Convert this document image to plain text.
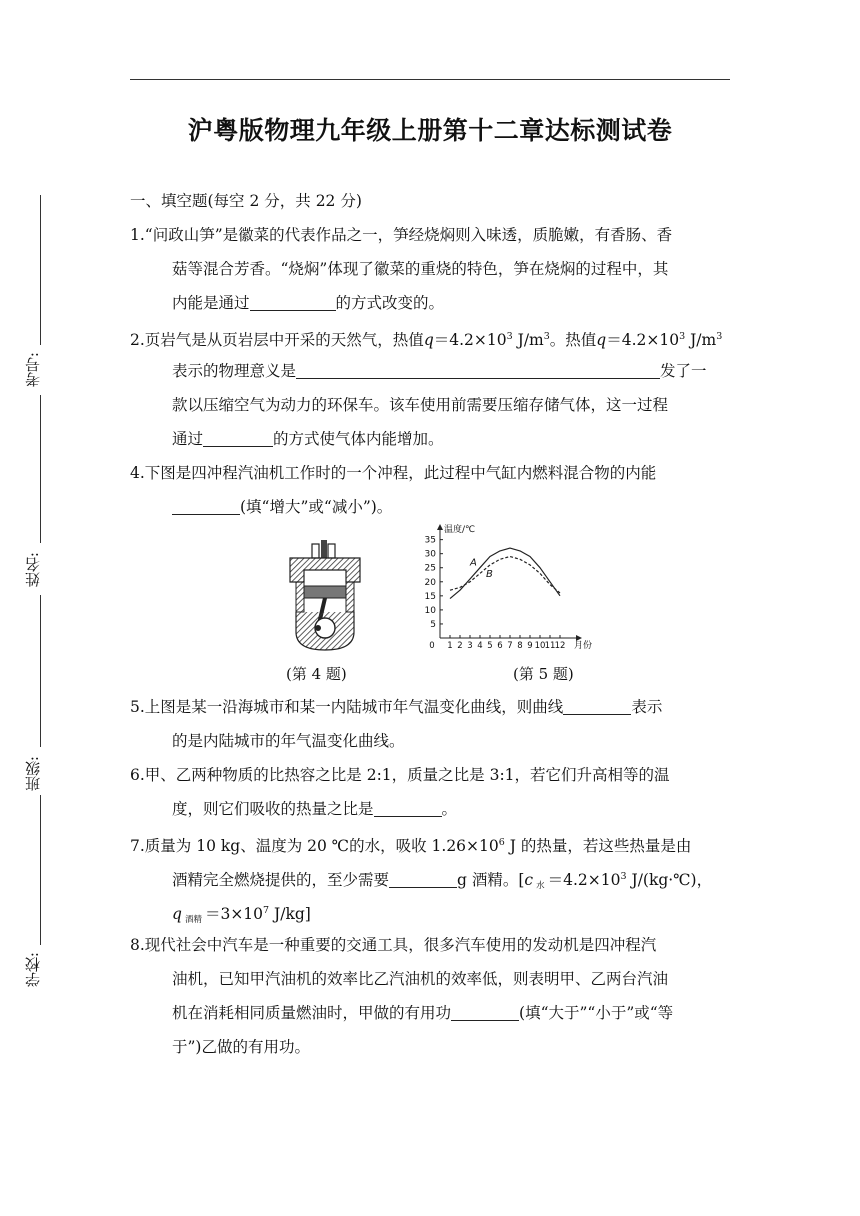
沪粤版物理九年级上册第十二章达标测试卷
考号:
姓名:
班级:
学校:
一、填空题(每空 2 分，共 22 分)
1.“问政山笋”是徽菜的代表作品之一，笋经烧焖则入味透，质脆嫩，有香肠、香
菇等混合芳香。“烧焖”体现了徽菜的重烧的特色，笋在烧焖的过程中，其
内能是通过	的方式改变的。
2.页岩气是从页岩层中开采的天然气，热值$q=4.2\times 10^3$ $J/m^3$。热值$q=4.2\times 10^3$ $J/m^3$
表示的物理意义是	发了一
款以压缩空气为动力的环保车。该车使用前需要压缩存储气体，这一过程
通过	的方式使气体内能增加。
4.下图是四冲程汽油机工作时的一个冲程，此过程中气缸内燃料混合物的内能
(填“增大”或“减小”)。
温度/℃
5
10
15
20
25
30
35
0 1 2 3 4 5 6 7 8 9 10 11 12 月份
A
B
(第 4 题)	(第 5 题)
5.上图是某一沿海城市和某一内陆城市年气温变化曲线，则曲线	表示
的是内陆城市的年气温变化曲线。
6.甲、乙两种物质的比热容之比是 2:1，质量之比是 3:1，若它们升高相等的温
度，则它们吸收的热量之比是	。
7.质量为 10 kg、温度为 20 ℃的水，吸收 $1.26\times 10^6$ J 的热量，若这些热量是由
酒精完全燃烧提供的，至少需要	g 酒精。[c $_水 =4.2\times 10^3$ J/(kg·℃)，
q $_{酒精} =3\times 10^7$ J/kg]
8.现代社会中汽车是一种重要的交通工具，很多汽车使用的发动机是四冲程汽
油机，已知甲汽油机的效率比乙汽油机的效率低，则表明甲、乙两台汽油
机在消耗相同质量燃油时，甲做的有用功	(填“大于”“小于”或“等
于”)乙做的有用功。
